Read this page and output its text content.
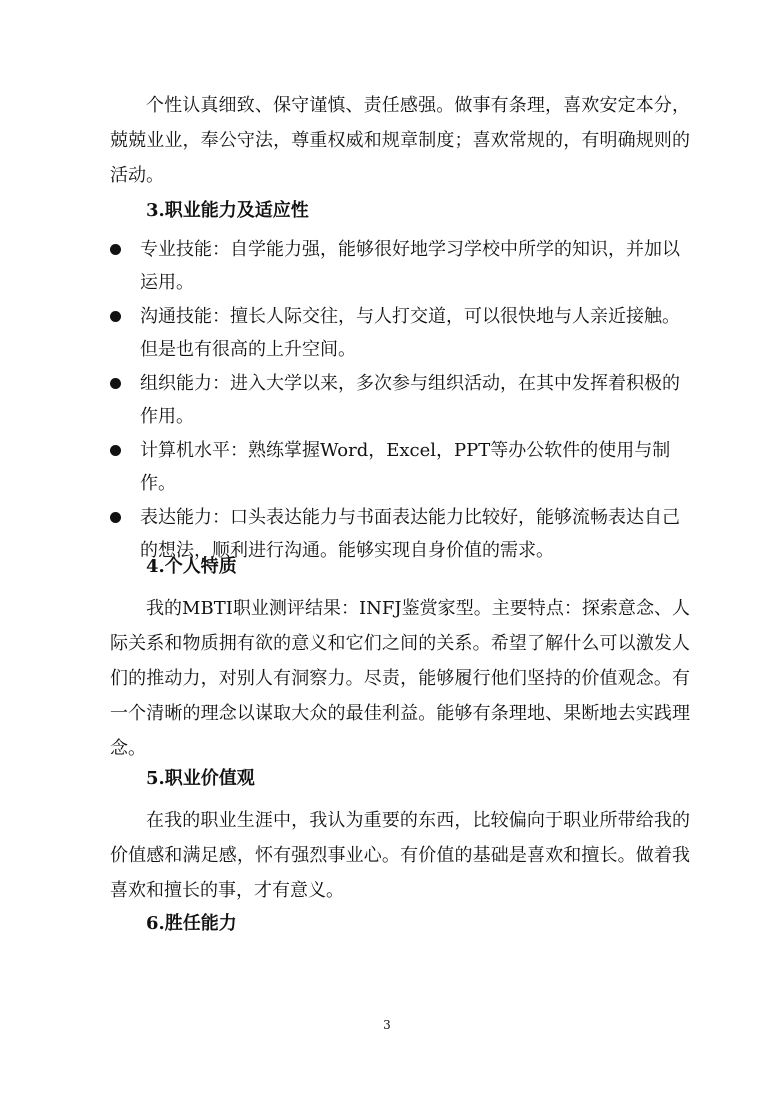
个性认真细致、保守谨慎、责任感强。做事有条理，喜欢安定本分，兢兢业业，奉公守法，尊重权威和规章制度；喜欢常规的，有明确规则的活动。

3.职业能力及适应性
专业技能：自学能力强，能够很好地学习学校中所学的知识，并加以运用。
沟通技能：擅长人际交往，与人打交道，可以很快地与人亲近接触。但是也有很高的上升空间。
组织能力：进入大学以来，多次参与组织活动，在其中发挥着积极的作用。
计算机水平：熟练掌握Word，Excel，PPT等办公软件的使用与制作。
表达能力：口头表达能力与书面表达能力比较好，能够流畅表达自己的想法，顺利进行沟通。能够实现自身价值的需求。
4.个人特质

我的MBTI职业测评结果：INFJ鉴赏家型。主要特点：探索意念、人际关系和物质拥有欲的意义和它们之间的关系。希望了解什么可以激发人们的推动力，对别人有洞察力。尽责，能够履行他们坚持的价值观念。有一个清晰的理念以谋取大众的最佳利益。能够有条理地、果断地去实践理念。

5.职业价值观

在我的职业生涯中，我认为重要的东西，比较偏向于职业所带给我的价值感和满足感，怀有强烈事业心。有价值的基础是喜欢和擅长。做着我喜欢和擅长的事，才有意义。

6.胜任能力
3
